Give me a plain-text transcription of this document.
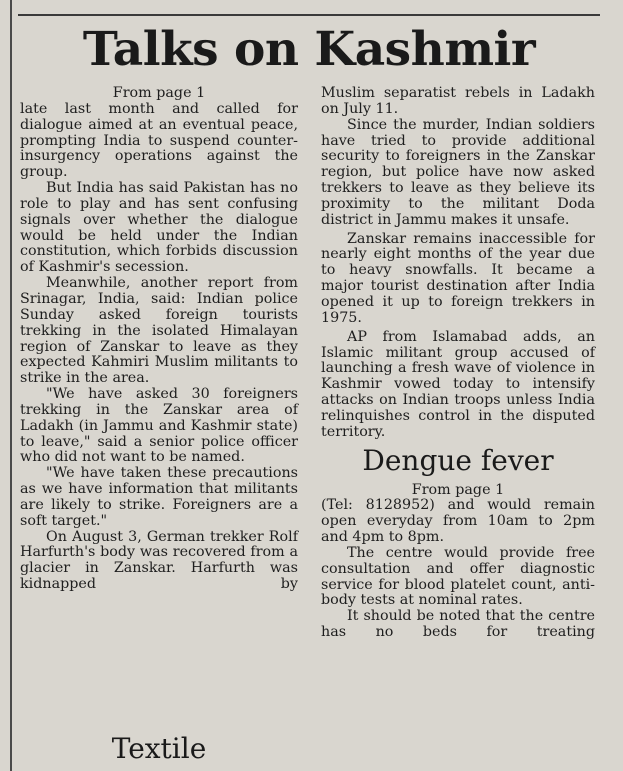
Talks on Kashmir
From page 1

late last month and called for dialogue aimed at an eventual peace, prompting India to suspend counter-insurgency operations against the group.

But India has said Pakistan has no role to play and has sent confusing signals over whether the dialogue would be held under the Indian constitution, which forbids discussion of Kashmir's secession.

Meanwhile, another report from Srinagar, India, said: Indian police Sunday asked foreign tourists trekking in the isolated Himalayan region of Zanskar to leave as they expected Kahmiri Muslim militants to strike in the area.

"We have asked 30 foreigners trekking in the Zanskar area of Ladakh (in Jammu and Kashmir state) to leave," said a senior police officer who did not want to be named.

"We have taken these precautions as we have information that militants are likely to strike. Foreigners are a soft target."

On August 3, German trekker Rolf Harfurth's body was recovered from a glacier in Zanskar. Harfurth was kidnapped by

Muslim separatist rebels in Ladakh on July 11.

Since the murder, Indian soldiers have tried to provide additional security to foreigners in the Zanskar region, but police have now asked trekkers to leave as they believe its proximity to the militant Doda district in Jammu makes it unsafe.

Zanskar remains inaccessible for nearly eight months of the year due to heavy snowfalls. It became a major tourist destination after India opened it up to foreign trekkers in 1975.

AP from Islamabad adds, an Islamic militant group accused of launching a fresh wave of violence in Kashmir vowed today to intensify attacks on Indian troops unless India relinquishes control in the disputed territory.

Dengue fever
From page 1

(Tel: 8128952) and would remain open everyday from 10am to 2pm and 4pm to 8pm.

The centre would provide free consultation and offer diagnostic service for blood platelet count, anti-body tests at nominal rates.

It should be noted that the centre has no beds for treating

Textile
